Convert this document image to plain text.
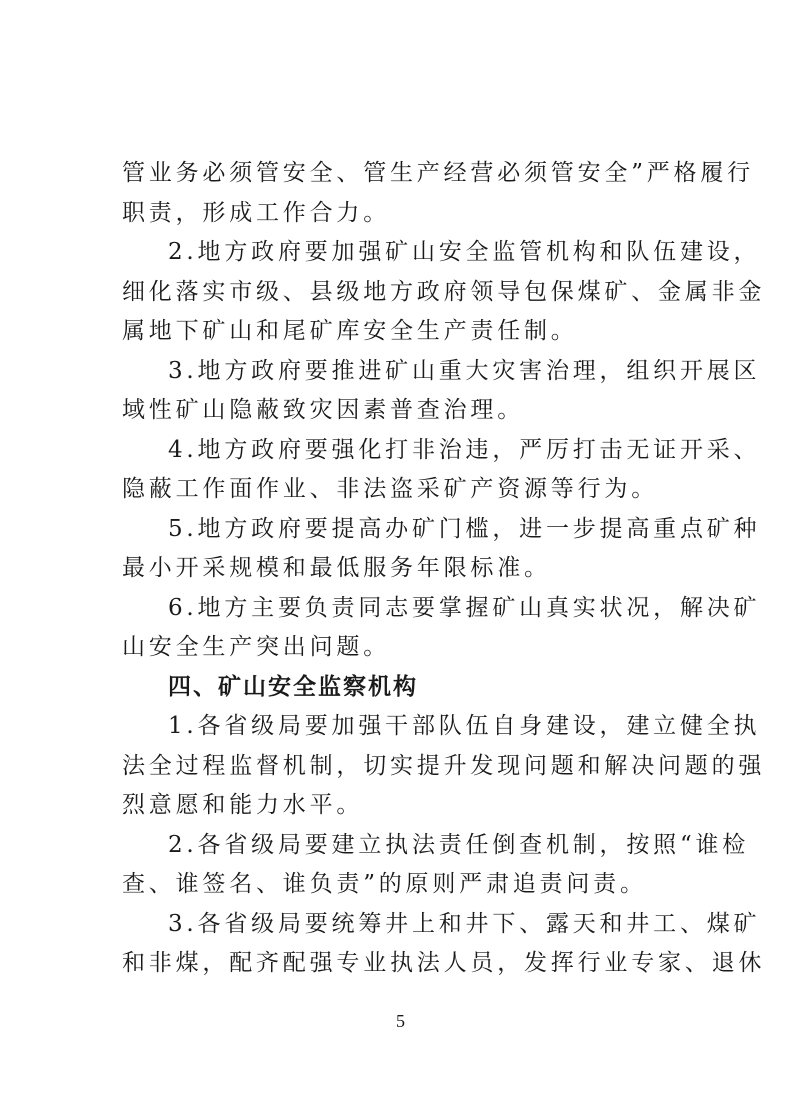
管业务必须管安全、管生产经营必须管安全”严格履行
职责，形成工作合力。
2.地方政府要加强矿山安全监管机构和队伍建设，
细化落实市级、县级地方政府领导包保煤矿、金属非金
属地下矿山和尾矿库安全生产责任制。
3.地方政府要推进矿山重大灾害治理，组织开展区
域性矿山隐蔽致灾因素普查治理。
4.地方政府要强化打非治违，严厉打击无证开采、
隐蔽工作面作业、非法盗采矿产资源等行为。
5.地方政府要提高办矿门槛，进一步提高重点矿种
最小开采规模和最低服务年限标准。
6.地方主要负责同志要掌握矿山真实状况，解决矿
山安全生产突出问题。
四、矿山安全监察机构
1.各省级局要加强干部队伍自身建设，建立健全执
法全过程监督机制，切实提升发现问题和解决问题的强
烈意愿和能力水平。
2.各省级局要建立执法责任倒查机制，按照“谁检
查、谁签名、谁负责”的原则严肃追责问责。
3.各省级局要统筹井上和井下、露天和井工、煤矿
和非煤，配齐配强专业执法人员，发挥行业专家、退休
5
